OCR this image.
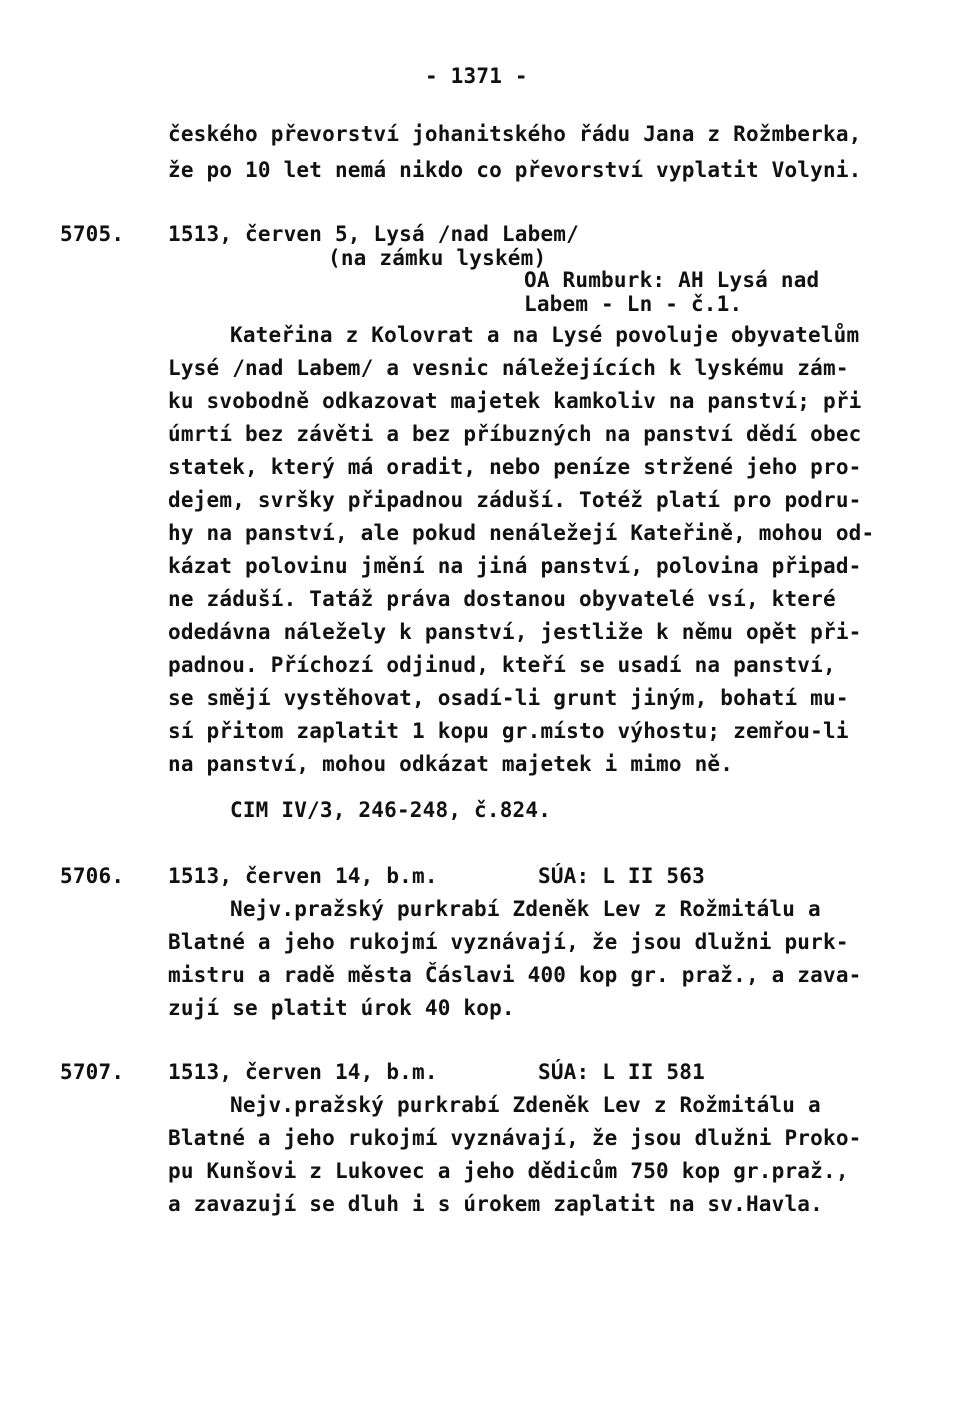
- 1371 -
českého převorství johanitského řádu Jana z Rožmberka,
že po 10 let nemá nikdo co převorství vyplatit Volyni.
5705. 1513, červen 5, Lysá /nad Labem/
(na zámku lyském)
OA Rumburk: AH Lysá nad
Labem - Ln - č.1.
Kateřina z Kolovrat a na Lysé povoluje obyvatelům
Lysé /nad Labem/ a vesnic náležejících k lyskému zám-
ku svobodně odkazovat majetek kamkoliv na panství; při
úmrtí bez závěti a bez příbuzných na panství dědí obec
statek, který má oradit, nebo peníze stržené jeho pro-
dejem, svršky připadnou záduší. Totéž platí pro podru-
hy na panství, ale pokud nenáležejí Kateřině, mohou od-
kázat polovinu jmění na jiná panství, polovina připad-
ne záduší. Tatáž práva dostanou obyvatelé vsí, které
odedávna náležely k panství, jestliže k němu opět při-
padnou. Příchozí odjinud, kteří se usadí na panství,
se smějí vystěhovat, osadí-li grunt jiným, bohatí mu-
sí přitom zaplatit 1 kopu gr.místo výhostu; zemřou-li
na panství, mohou odkázat majetek i mimo ně.
CIM IV/3, 246-248, č.824.
5706. 1513, červen 14, b.m.	SÚA: L II 563
Nejv.pražský purkrabí Zdeněk Lev z Rožmitálu a
Blatné a jeho rukojmí vyznávají, že jsou dlužni purk-
mistru a radě města Čáslavi 400 kop gr. praž., a zava-
zují se platit úrok 40 kop.
5707. 1513, červen 14, b.m.	SÚA: L II 581
Nejv.pražský purkrabí Zdeněk Lev z Rožmitálu a
Blatné a jeho rukojmí vyznávají, že jsou dlužni Proko-
pu Kunšovi z Lukovec a jeho dědicům 750 kop gr.praž.,
a zavazují se dluh i s úrokem zaplatit na sv.Havla.
